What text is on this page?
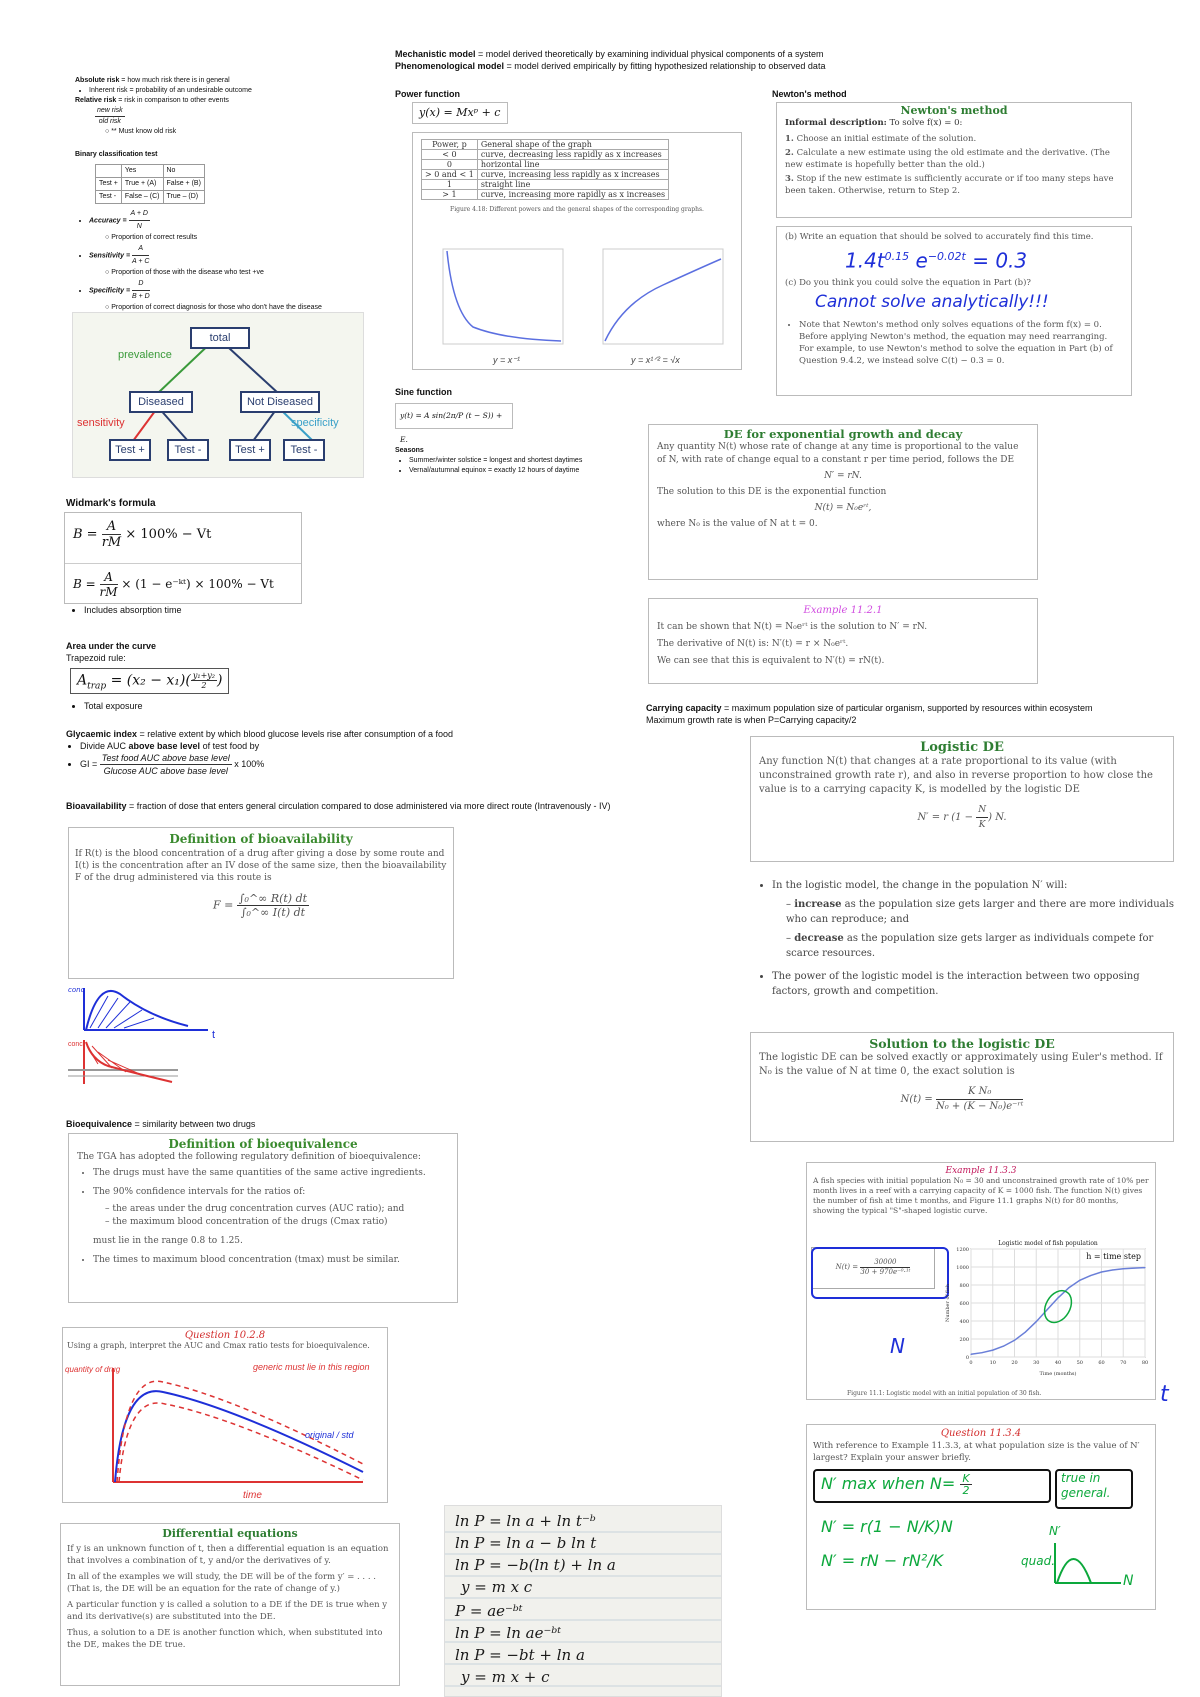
Mechanistic model = model derived theoretically by examining individual physical components of a system
Phenomenological model = model derived empirically by fitting hypothesized relationship to observed data
Absolute risk = how much risk there is in general
• Inherent risk = probability of an undesirable outcome
Relative risk = risk in comparison to other events
$\frac{\text{new risk}}{\text{old risk}}$
○ ** Must know old risk
Binary classification test
	Yes	No
Test +	True + (A)	False + (B)
Test -	False – (C)	True – (D)
• Accuracy = $\frac{A + D}{N}$
○ Proportion of correct results
• Sensitivity = $\frac{A}{A + C}$
○ Proportion of those with the disease who test +ve
• Specificity = $\frac{D}{B + D}$
○ Proportion of correct diagnosis for those who don't have the disease
total
prevalence
Diseased	Not Diseased
sensitivity	specificity
Test +	Test -	Test +	Test -
Widmark's formula
$B = \frac{A}{rM} \times 100\% - Vt$
$B = \frac{A}{rM} \times (1$ − e⁻ᵏᵗ) × 100% − Vt
• Includes absorption time
Area under the curve
Trapezoid rule:
$A_{trap} = (x_2 - x_1)( \frac{\text{y₁+y₂}}{2}$ )
• Total exposure
Glycaemic index = relative extent by which blood glucose levels rise after consumption of a food
• Divide AUC above base level of test food by
• GI = $\frac{\text{Test food AUC above base level}}{\text{Glucose AUC above base level}}$ x 100%
Bioavailability = fraction of dose that enters general circulation compared to dose administered via more direct route (Intravenously - IV)
Definition of bioavailability
If R(t) is the blood concentration of a drug after giving a dose by some route and I(t) is the concentration after an IV dose of the same size, then the bioavailability F of the drug administered via this route is
$F = \frac{\text{∫₀\textasciicircum{}∞ R(t) dt}}{\text{∫₀\textasciicircum{}∞ I(t) dt}}$
conc
conc
t
Bioequivalence = similarity between two drugs
Definition of bioequivalence
The TGA has adopted the following regulatory definition of bioequivalence:
• The drugs must have the same quantities of the same active ingredients.
• The 90% confidence intervals for the ratios of:
– the areas under the drug concentration curves (AUC ratio); and
– the maximum blood concentration of the drugs (Cmax ratio)
must lie in the range 0.8 to 1.25.
• The times to maximum blood concentration (tmax) must be similar.
Question 10.2.8
Using a graph, interpret the AUC and Cmax ratio tests for bioequivalence.
quantity of drug	generic must lie in this region
original / std
time
Differential equations
If y is an unknown function of t, then a differential equation is an equation that involves a combination of t, y and/or the derivatives of y.
In all of the examples we will study, the DE will be of the form y′ = . . . . (That is, the DE will be an equation for the rate of change of y.)
A particular function y is called a solution to a DE if the DE is true when y and its derivative(s) are substituted into the DE.
Thus, a solution to a DE is another function which, when substituted into the DE, makes the DE true.
Power function
y(x) = Mxᵖ + c
Power, p	General shape of the graph
< 0	curve, decreasing less rapidly as x increases
0	horizontal line
> 0 and < 1	curve, increasing less rapidly as x increases
1	straight line
> 1	curve, increasing more rapidly as x increases
Figure 4.18: Different powers and the general shapes of the corresponding graphs.
y = x⁻¹	y = x¹ᐟ² = √x
Sine function
y(t) = A sin(2π/P (t − S)) + E.
Seasons
• Summer/winter solstice = longest and shortest daytimes
• Vernal/autumnal equinox = exactly 12 hours of daytime
ln P = ln a + ln t⁻ᵇ
ln P = ln a − b ln t
ln P = −b(ln t) + ln a
y = m x c
P = ae⁻ᵇᵗ
ln P = ln ae⁻ᵇᵗ
ln P = −bt + ln a
y = m x + c
Newton's method
Newton's method
Informal description: To solve f(x) = 0:
1. Choose an initial estimate of the solution.
2. Calculate a new estimate using the old estimate and the derivative. (The new estimate is hopefully better than the old.)
3. Stop if the new estimate is sufficiently accurate or if too many steps have been taken. Otherwise, return to Step 2.
(b) Write an equation that should be solved to accurately find this time.
$1.4t^{0.15}$ $e^{-0.02t} = 0.3$
(c) Do you think you could solve the equation in Part (b)?
Cannot solve analytically!!!
• Note that Newton's method only solves equations of the form f(x) = 0. Before applying Newton's method, the equation may need rearranging. For example, to use Newton's method to solve the equation in Part (b) of Question 9.4.2, we instead solve C(t) − 0.3 = 0.
DE for exponential growth and decay
Any quantity N(t) whose rate of change at any time is proportional to the value of N, with rate of change equal to a constant r per time period, follows the DE
N′ = rN.
The solution to this DE is the exponential function
N(t) = N₀eʳᵗ,
where N₀ is the value of N at t = 0.
Example 11.2.1
It can be shown that N(t) = N₀eʳᵗ is the solution to N′ = rN.
The derivative of N(t) is: N′(t) = r × N₀eʳᵗ.
We can see that this is equivalent to N′(t) = rN(t).
Carrying capacity = maximum population size of particular organism, supported by resources within ecosystem
Maximum growth rate is when P=Carrying capacity/2
Logistic DE
Any function N(t) that changes at a rate proportional to its value (with unconstrained growth rate r), and also in reverse proportion to how close the value is to a carrying capacity K, is modelled by the logistic DE
N′ = r ($1 - \frac{N}{K}$ ) N.
• In the logistic model, the change in the population N′ will:
– increase as the population size gets larger and there are more individuals who can reproduce; and
– decrease as the population size gets larger as individuals compete for scarce resources.
• The power of the logistic model is the interaction between two opposing factors, growth and competition.
Solution to the logistic DE
The logistic DE can be solved exactly or approximately using Euler's method. If N₀ is the value of N at time 0, the exact solution is
$N(t) = \frac{\text{K N₀}}{\text{N₀ + (K − N₀)e⁻ʳᵗ}}$
Example 11.3.3
A fish species with initial population N₀ = 30 and unconstrained growth rate of 10% per month lives in a reef with a carrying capacity of K = 1000 fish. The function N(t) gives the number of fish at time t months, and Figure 11.1 graphs N(t) for 80 months, showing the typical "S"-shaped logistic curve.
$N(t) = \frac{30000}{\text{30 + 970e⁻⁰·¹ᵗ}}$
0	10	20	30	40	50	60	70	80
0
200
400
600
800
1000
1200
Logistic model of fish population
h = time step
Time (months)
Number of fish
Figure 11.1: Logistic model with an initial population of 30 fish.
N
t
Question 11.3.4
With reference to Example 11.3.3, at what population size is the value of N′ largest? Explain your answer briefly.
N′ max when $N= \frac{K}{2}$	true in general.
N′ = r(1 − N/K)N
N′ = rN − rN²/K	quad.
N′
N
